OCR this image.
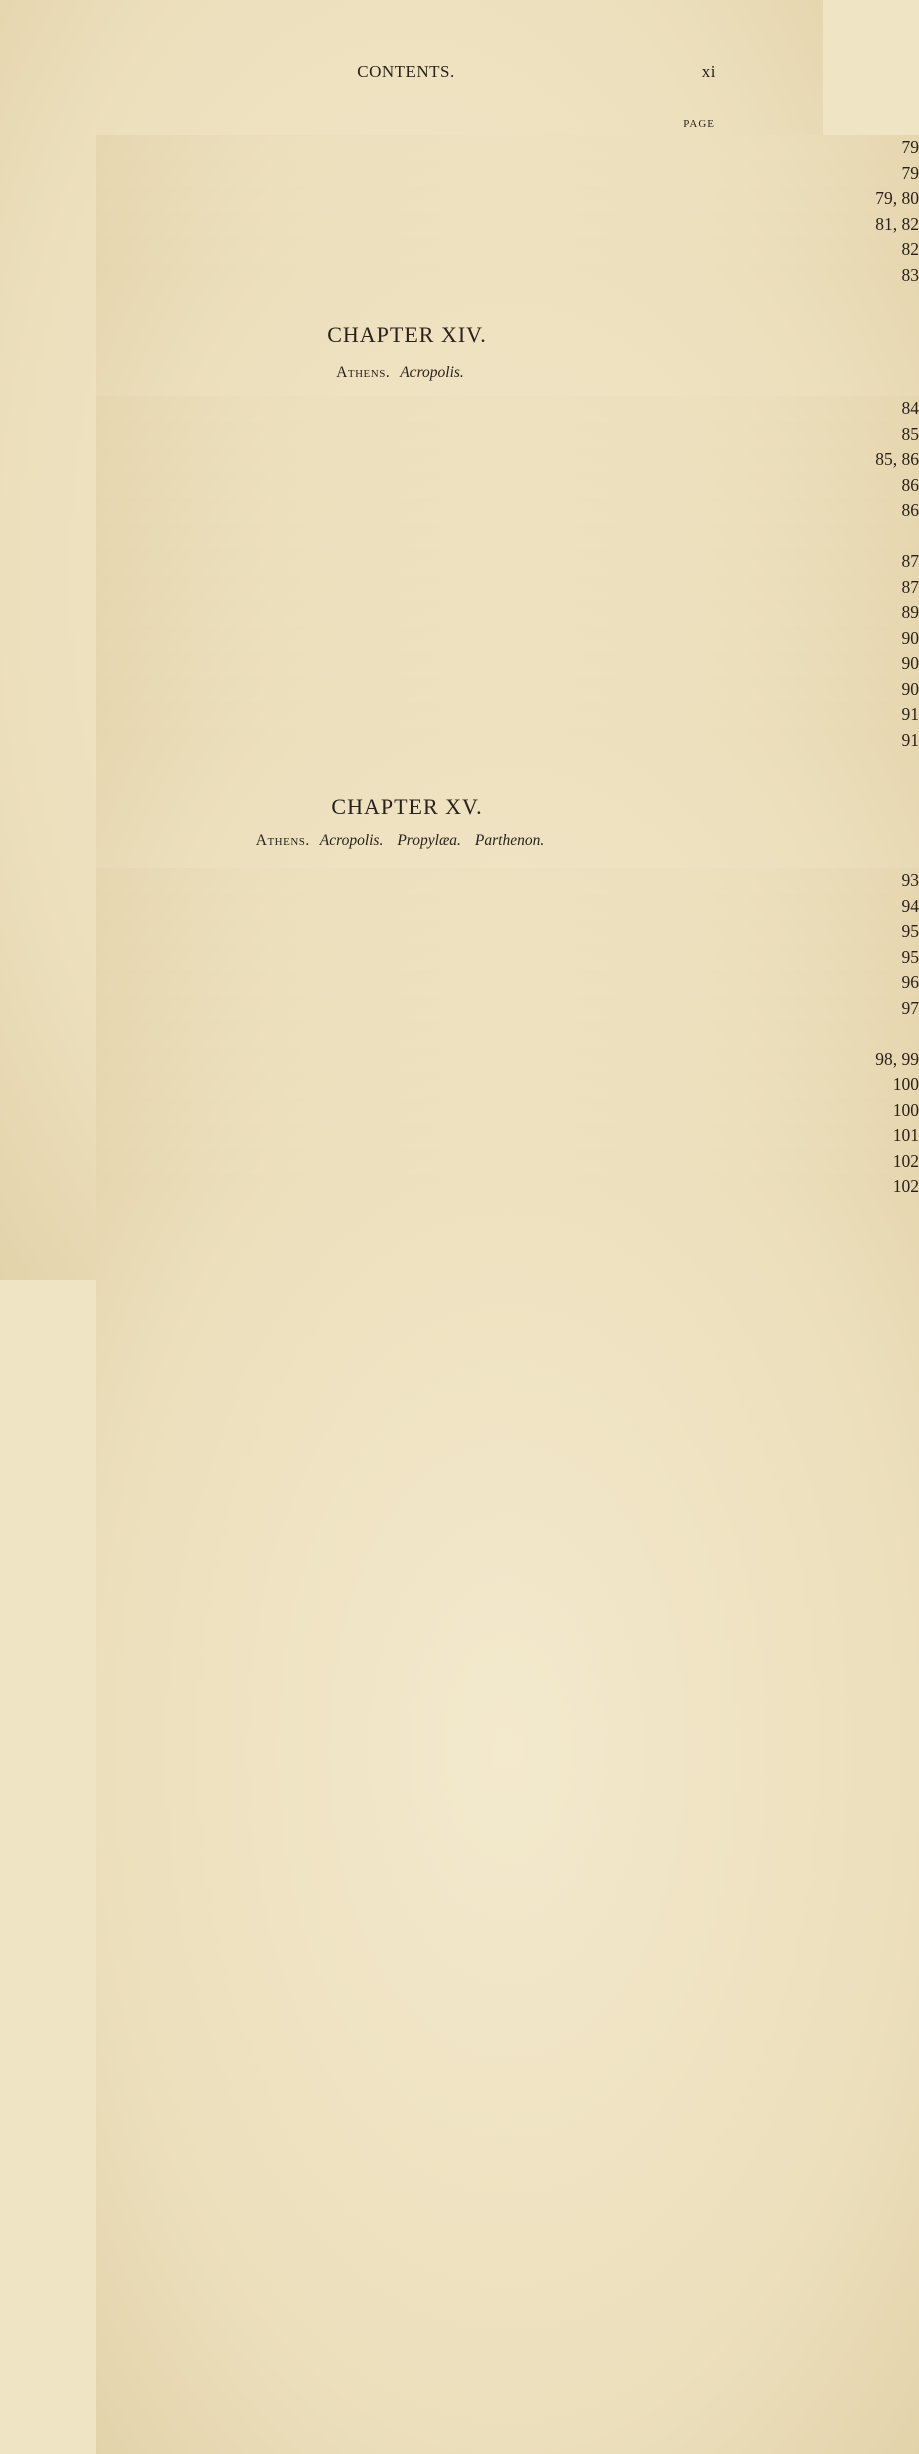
CONTENTS.	xi
PAGE
79
79
79, 80
81, 82
82
83
CHAPTER XIV.
Athens. Acropolis.
84
85
85, 86
86
86
87
87
89
90
90
90
91
91
CHAPTER XV.
Athens. Acropolis. Propylæa. Parthenon.
93
94
95
95
96
97
98, 99
100
100
101
102
102
